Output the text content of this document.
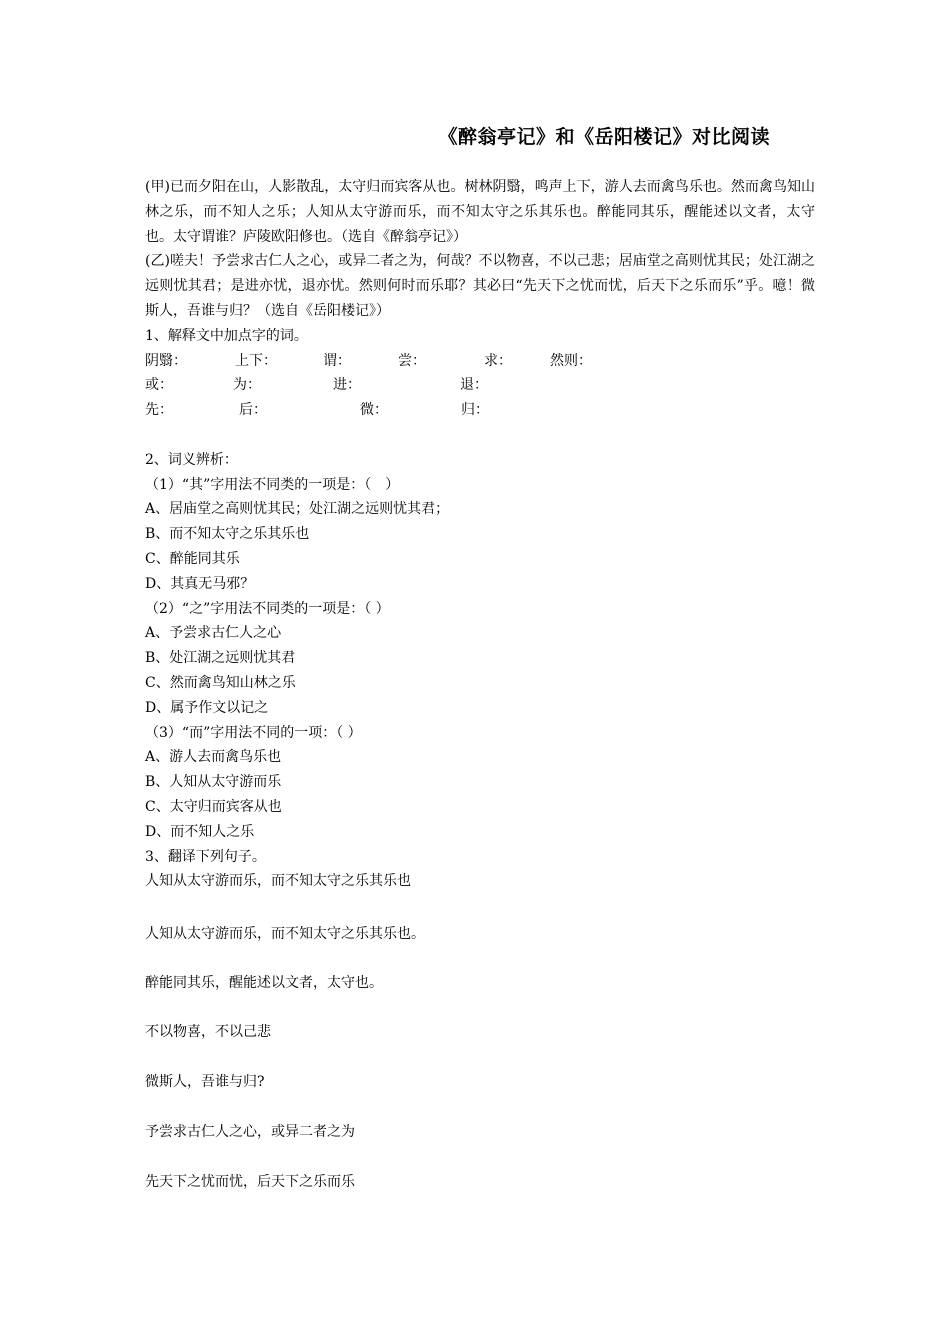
《醉翁亭记》和《岳阳楼记》对比阅读

(甲)已而夕阳在山，人影散乱，太守归而宾客从也。树林阴翳，鸣声上下，游人去而禽鸟乐也。然而禽鸟知山林之乐，而不知人之乐；人知从太守游而乐，而不知太守之乐其乐也。醉能同其乐，醒能述以文者，太守也。太守谓谁？庐陵欧阳修也。（选自《醉翁亭记》）

(乙)嗟夫！予尝求古仁人之心，或异二者之为，何哉？不以物喜，不以己悲；居庙堂之高则忧其民；处江湖之远则忧其君；是进亦忧，退亦忧。然则何时而乐耶？其必曰“先天下之忧而忧，后天下之乐而乐”乎。噫！微斯人，吾谁与归？（选自《岳阳楼记》）

1、解释文中加点字的词。

阴翳：	上下：	谓：	尝：	求：	然则：
或：	为：	进：	退：
先：	后：	微：	归：

2、词义辨析：

（1）“其”字用法不同类的一项是：（　）

A、居庙堂之高则忧其民；处江湖之远则忧其君；

B、而不知太守之乐其乐也

C、醉能同其乐

D、其真无马邪？

（2）“之”字用法不同类的一项是：（ ）

A、予尝求古仁人之心

B、处江湖之远则忧其君

C、然而禽鸟知山林之乐

D、属予作文以记之

（3）“而”字用法不同的一项：（ ）

A、游人去而禽鸟乐也

B、人知从太守游而乐

C、太守归而宾客从也

D、而不知人之乐

3、翻译下列句子。

人知从太守游而乐，而不知太守之乐其乐也

人知从太守游而乐，而不知太守之乐其乐也。
醉能同其乐，醒能述以文者，太守也。
不以物喜，不以己悲
微斯人，吾谁与归?
予尝求古仁人之心，或异二者之为
先天下之忧而忧，后天下之乐而乐
